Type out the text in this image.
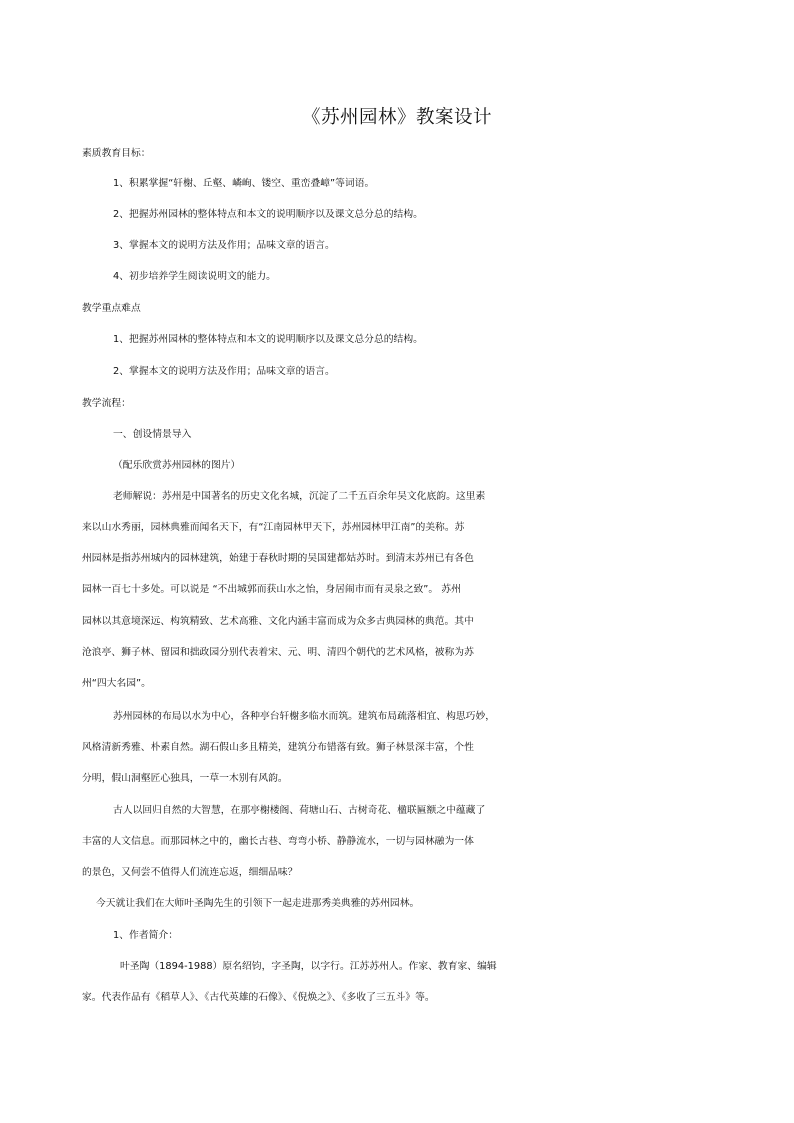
《苏州园林》教案设计
素质教育目标：
1、积累掌握“轩榭、丘壑、嶙峋、镂空、重峦叠嶂”等词语。
2、把握苏州园林的整体特点和本文的说明顺序以及课文总分总的结构。
3、掌握本文的说明方法及作用；品味文章的语言。
4、初步培养学生阅读说明文的能力。
教学重点难点
1、把握苏州园林的整体特点和本文的说明顺序以及课文总分总的结构。
2、掌握本文的说明方法及作用；品味文章的语言。
教学流程：
一、创设情景导入
（配乐欣赏苏州园林的图片）
老师解说：苏州是中国著名的历史文化名城，沉淀了二千五百余年吴文化底韵。这里素
来以山水秀丽，园林典雅而闻名天下，有“江南园林甲天下，苏州园林甲江南”的美称。苏
州园林是指苏州城内的园林建筑，始建于春秋时期的吴国建都姑苏时。到清末苏州已有各色
园林一百七十多处。可以说是 “不出城郭而获山水之怡，身居闹市而有灵泉之致”。 苏州
园林以其意境深远、构筑精致、艺术高雅、文化内涵丰富而成为众多古典园林的典范。其中
沧浪亭、狮子林、留园和拙政园分别代表着宋、元、明、清四个朝代的艺术风格，被称为苏
州“四大名园”。
苏州园林的布局以水为中心，各种亭台轩榭多临水而筑。建筑布局疏落相宜、构思巧妙，
风格清新秀雅、朴素自然。湖石假山多且精美，建筑分布错落有致。狮子林景深丰富，个性
分明，假山洞壑匠心独具，一草一木别有风韵。
古人以回归自然的大智慧，在那亭榭楼阁、荷塘山石、古树奇花、楹联匾额之中蕴藏了
丰富的人文信息。而那园林之中的，幽长古巷、弯弯小桥、静静流水，一切与园林融为一体
的景色，又何尝不值得人们流连忘返，细细品味？
今天就让我们在大师叶圣陶先生的引领下一起走进那秀美典雅的苏州园林。
1、作者简介：
叶圣陶（1894-1988）原名绍钧，字圣陶，以字行。江苏苏州人。作家、教育家、编辑
家。代表作品有《稻草人》、《古代英雄的石像》、《倪焕之》、《多收了三五斗》等。
